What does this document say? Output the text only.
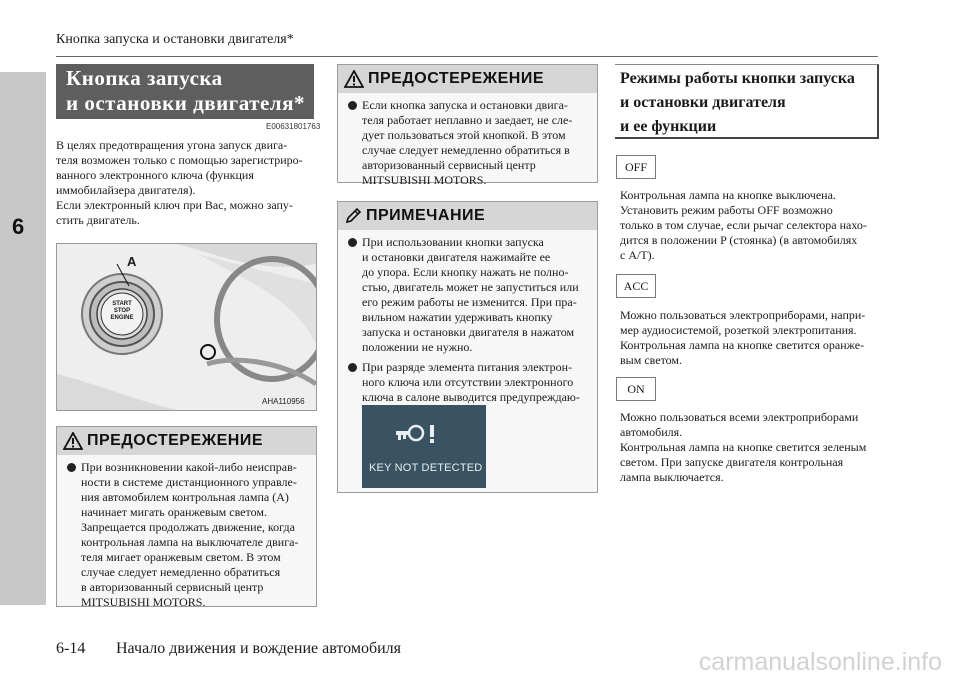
6
Кнопка запуска и остановки двигателя*
6-14 Начало движения и вождение автомобиля	carmanualsonline.info
Кнопка запуска
и остановки двигателя*
E00631801763
В целях предотвращения угона запуск двига-
теля возможен только с помощью зарегистриро-
ванного электронного ключа (функция
иммобилайзера двигателя).
Если электронный ключ при Вас, можно запу-
стить двигатель.
A
START
STOP
ENGINE
AHA110956
ПРЕДОСТЕРЕЖЕНИЕ
При возникновении какой-либо неисправ-
ности в системе дистанционного управле-
ния автомобилем контрольная лампа (A)
начинает мигать оранжевым светом.
Запрещается продолжать движение, когда
контрольная лампа на выключателе двига-
теля мигает оранжевым светом. В этом
случае следует немедленно обратиться
в авторизованный сервисный центр
MITSUBISHI MOTORS.
ПРЕДОСТЕРЕЖЕНИЕ
Если кнопка запуска и остановки двига-
теля работает неплавно и заедает, не сле-
дует пользоваться этой кнопкой. В этом
случае следует немедленно обратиться в
авторизованный сервисный центр
MITSUBISHI MOTORS.
ПРИМЕЧАНИЕ
При использовании кнопки запуска
и остановки двигателя нажимайте ее
до упора. Если кнопку нажать не полно-
стью, двигатель может не запуститься или
его режим работы не изменится. При пра-
вильном нажатии удерживать кнопку
запуска и остановки двигателя в нажатом
положении не нужно.
При разряде элемента питания электрон-
ного ключа или отсутствии электронного
ключа в салоне выводится предупреждаю-

KEY NOT DETECTED
Режимы работы кнопки запуска
и остановки двигателя
и ее функции
OFF
Контрольная лампа на кнопке выключена.
Установить режим работы OFF возможно
только в том случае, если рычаг селектора нахо-
дится в положении P (стоянка) (в автомобилях
с A/T).
ACC
Можно пользоваться электроприборами, напри-
мер аудиосистемой, розеткой электропитания.
Контрольная лампа на кнопке светится оранже-
вым светом.
ON
Можно пользоваться всеми электроприборами
автомобиля.
Контрольная лампа на кнопке светится зеленым
светом. При запуске двигателя контрольная
лампа выключается.
